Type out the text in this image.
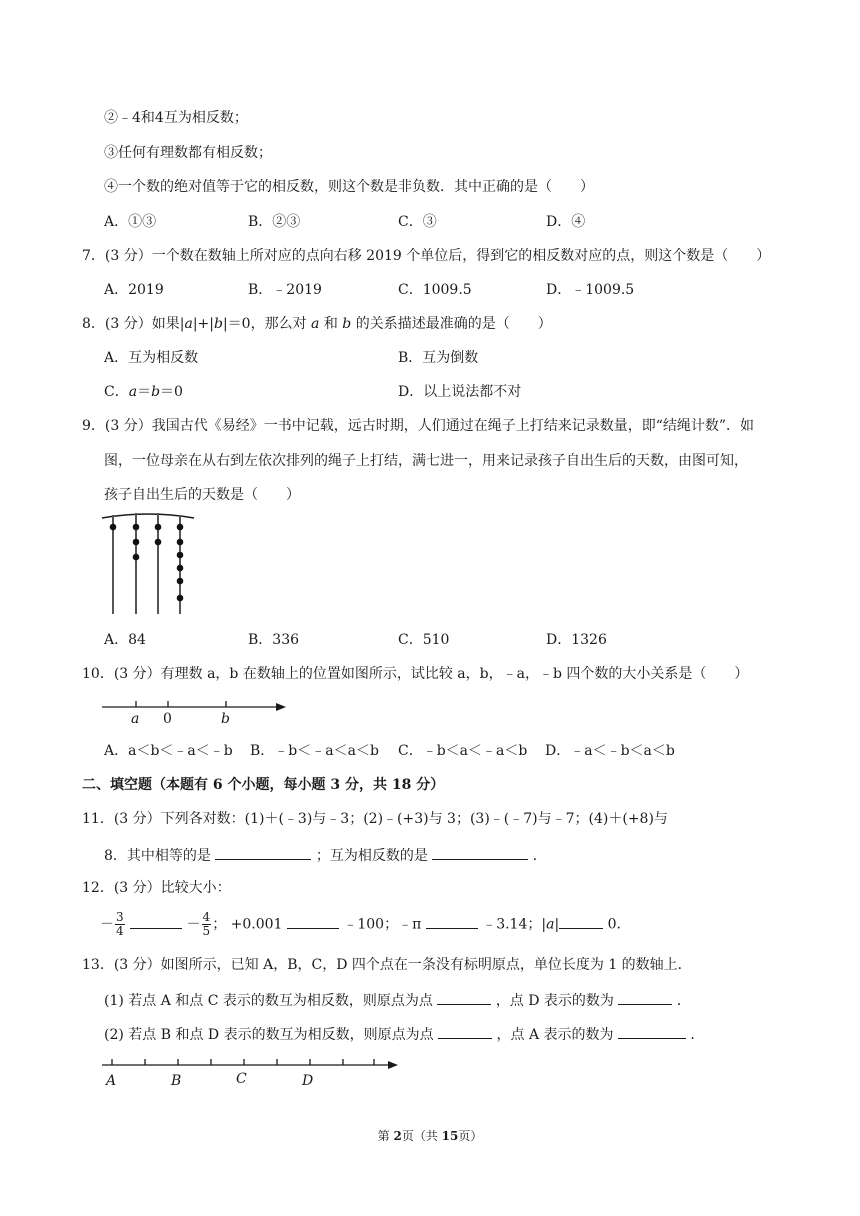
②﹣4和4互为相反数；
③任何有理数都有相反数；
④一个数的绝对值等于它的相反数，则这个数是非负数．其中正确的是（　　）
A．①③	B．②③	C．③	D．④
7．(3 分）一个数在数轴上所对应的点向右移 2019 个单位后，得到它的相反数对应的点，则这个数是（　　）
A．2019	B．﹣2019	C．1009.5	D．﹣1009.5
8．(3 分）如果|a|+|b|＝0，那么对 a 和 b 的关系描述最准确的是（　　）
A．互为相反数	B．互为倒数
C．a＝b＝0	D．以上说法都不对
9．(3 分）我国古代《易经》一书中记载，远古时期，人们通过在绳子上打结来记录数量，即“结绳计数”．如
图，一位母亲在从右到左依次排列的绳子上打结，满七进一，用来记录孩子自出生后的天数，由图可知，
孩子自出生后的天数是（　　）
A．84	B．336	C．510	D．1326
10．(3 分）有理数 a，b 在数轴上的位置如图所示，试比较 a，b，﹣a，﹣b 四个数的大小关系是（　　）
a 0	b
A．a＜b＜﹣a＜﹣b B．﹣b＜﹣a＜a＜b C．﹣b＜a＜﹣a＜b D．﹣a＜﹣b＜a＜b
二、填空题（本题有 6 个小题，每小题 3 分，共 18 分）
11．(3 分）下列各对数：(1)＋(﹣3)与﹣3；(2)﹣(+3)与 3；(3)﹣(﹣7)与﹣7；(4)＋(+8)与
8．其中相等的是	；互为相反数的是	．
12．(3 分）比较大小：
－ $\frac{3}{4}$	－ $\frac{4}{5}$ ； +0.001	﹣100；﹣π	﹣3.14；|a|	0．
13．(3 分）如图所示，已知 A，B，C，D 四个点在一条没有标明原点，单位长度为 1 的数轴上．
(1) 若点 A 和点 C 表示的数互为相反数，则原点为点	，点 D 表示的数为	．
(2) 若点 B 和点 D 表示的数互为相反数，则原点为点	，点 A 表示的数为	．
A	B	C	D
第 2页（共 15页）
